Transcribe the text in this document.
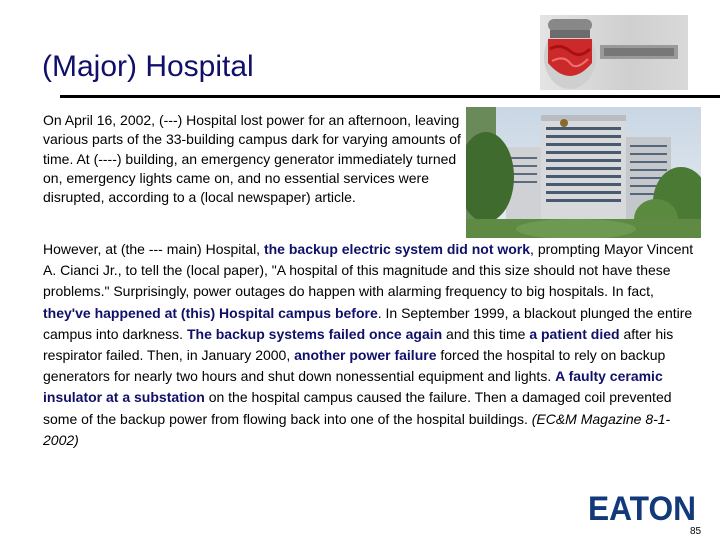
(Major) Hospital
On April 16, 2002, (---) Hospital lost power for an afternoon, leaving various parts of the 33-building campus dark for varying amounts of time. At (----) building, an emergency generator immediately turned on, emergency lights came on, and no essential services were disrupted, according to a (local newspaper) article.
However, at (the --- main) Hospital, the backup electric system did not work, prompting Mayor Vincent A. Cianci Jr., to tell the (local paper), "A hospital of this magnitude and this size should not have these problems." Surprisingly, power outages do happen with alarming frequency to big hospitals. In fact, they've happened at (this) Hospital campus before. In September 1999, a blackout plunged the entire campus into darkness. The backup systems failed once again and this time a patient died after his respirator failed. Then, in January 2000, another power failure forced the hospital to rely on backup generators for nearly two hours and shut down nonessential equipment and lights. A faulty ceramic insulator at a substation on the hospital campus caused the failure. Then a damaged coil prevented some of the backup power from flowing back into one of the hospital buildings. (EC&M Magazine 8-1-2002)
EATON
85
